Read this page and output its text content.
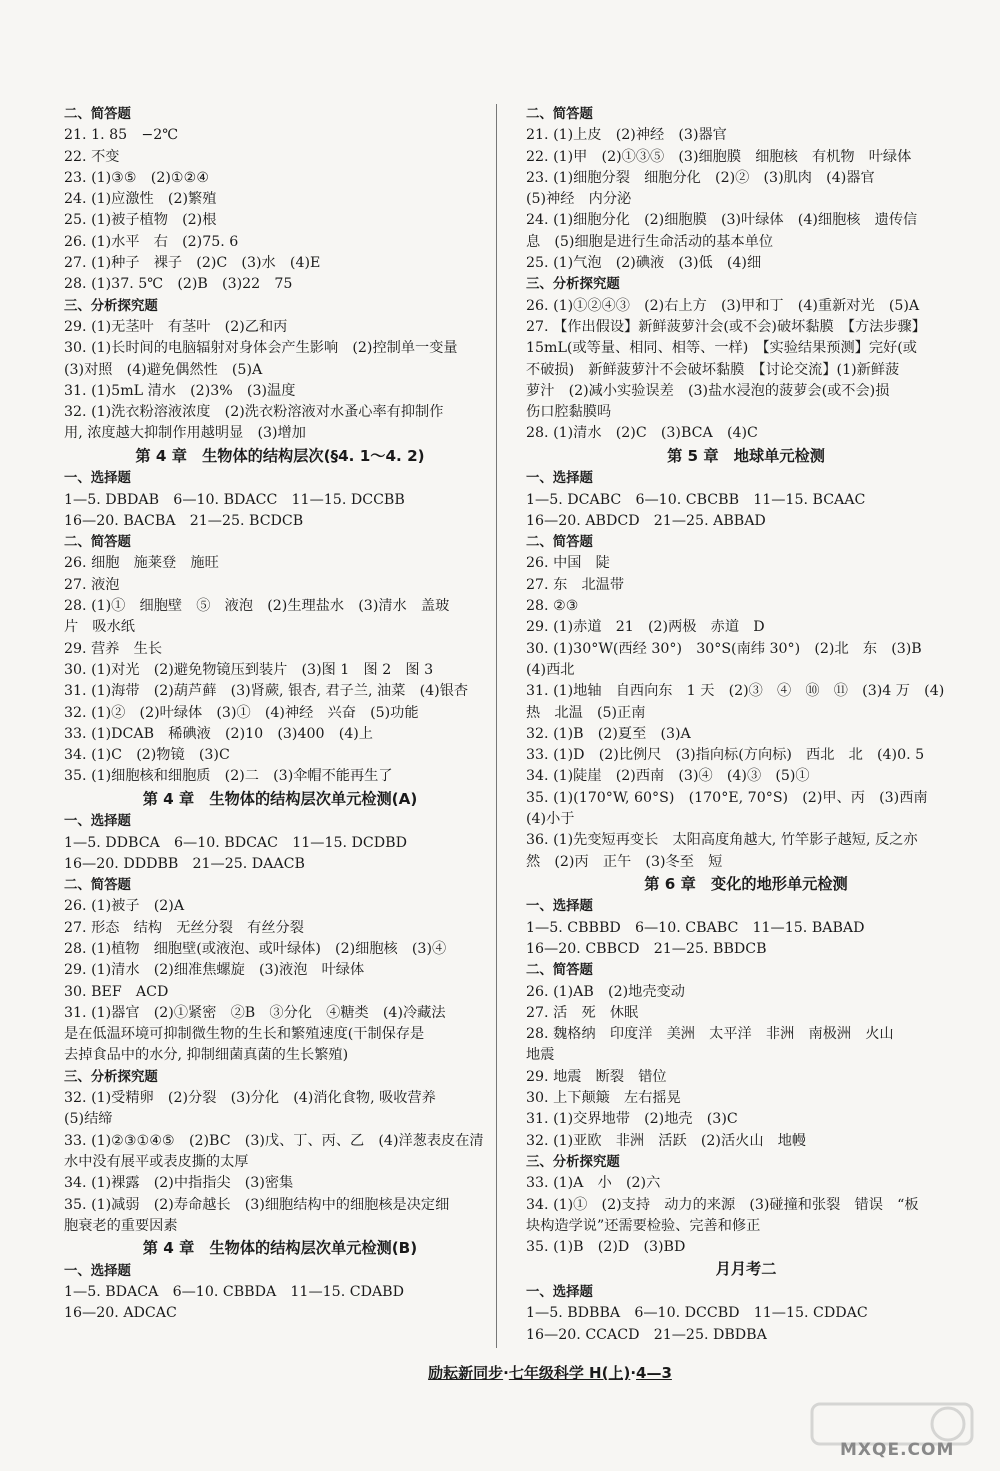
二、简答题
21. 1. 85　−2℃
22. 不变
23. (1)③⑤　(2)①②④
24. (1)应激性　(2)繁殖
25. (1)被子植物　(2)根
26. (1)水平　右　(2)75. 6
27. (1)种子　裸子　(2)C　(3)水　(4)E
28. (1)37. 5℃　(2)B　(3)22　75
三、分析探究题
29. (1)无茎叶　有茎叶　(2)乙和丙
30. (1)长时间的电脑辐射对身体会产生影响　(2)控制单一变量
(3)对照　(4)避免偶然性　(5)A
31. (1)5mL 清水　(2)3%　(3)温度
32. (1)洗衣粉溶液浓度　(2)洗衣粉溶液对水蚤心率有抑制作
用, 浓度越大抑制作用越明显　(3)增加
第 4 章　生物体的结构层次(§4. 1～4. 2)
一、选择题
1—5. DBDAB　6—10. BDACC　11—15. DCCBB
16—20. BACBA　21—25. BCDCB
二、简答题
26. 细胞　施莱登　施旺
27. 液泡
28. (1)①　细胞壁　⑤　液泡　(2)生理盐水　(3)清水　盖玻
片　吸水纸
29. 营养　生长
30. (1)对光　(2)避免物镜压到装片　(3)图 1　图 2　图 3
31. (1)海带　(2)葫芦藓　(3)肾蕨, 银杏, 君子兰, 油菜　(4)银杏
32. (1)②　(2)叶绿体　(3)①　(4)神经　兴奋　(5)功能
33. (1)DCAB　稀碘液　(2)10　(3)400　(4)上
34. (1)C　(2)物镜　(3)C
35. (1)细胞核和细胞质　(2)二　(3)伞帽不能再生了
第 4 章　生物体的结构层次单元检测(A)
一、选择题
1—5. DDBCA　6—10. BDCAC　11—15. DCDBD
16—20. DDDBB　21—25. DAACB
二、简答题
26. (1)被子　(2)A
27. 形态　结构　无丝分裂　有丝分裂
28. (1)植物　细胞壁(或液泡、或叶绿体)　(2)细胞核　(3)④
29. (1)清水　(2)细准焦螺旋　(3)液泡　叶绿体
30. BEF　ACD
31. (1)器官　(2)①紧密　②B　③分化　④糖类　(4)冷藏法
是在低温环境可抑制微生物的生长和繁殖速度(干制保存是
去掉食品中的水分, 抑制细菌真菌的生长繁殖)
三、分析探究题
32. (1)受精卵　(2)分裂　(3)分化　(4)消化食物, 吸收营养
(5)结缔
33. (1)②③①④⑤　(2)BC　(3)戊、丁、丙、乙　(4)洋葱表皮在清
水中没有展平或表皮撕的太厚
34. (1)裸露　(2)中指指尖　(3)密集
35. (1)减弱　(2)寿命越长　(3)细胞结构中的细胞核是决定细
胞衰老的重要因素
第 4 章　生物体的结构层次单元检测(B)
一、选择题
1—5. BDACA　6—10. CBBDA　11—15. CDABD
16—20. ADCAC
二、简答题
21. (1)上皮　(2)神经　(3)器官
22. (1)甲　(2)①③⑤　(3)细胞膜　细胞核　有机物　叶绿体
23. (1)细胞分裂　细胞分化　(2)②　(3)肌肉　(4)器官
(5)神经　内分泌
24. (1)细胞分化　(2)细胞膜　(3)叶绿体　(4)细胞核　遗传信
息　(5)细胞是进行生命活动的基本单位
25. (1)气泡　(2)碘液　(3)低　(4)细
三、分析探究题
26. (1)①②④③　(2)右上方　(3)甲和丁　(4)重新对光　(5)A
27. 【作出假设】新鲜菠萝汁会(或不会)破坏黏膜　【方法步骤】
15mL(或等量、相同、相等、一样)　【实验结果预测】完好(或
不破损)　新鲜菠萝汁不会破坏黏膜　【讨论交流】(1)新鲜菠
萝汁　(2)减小实验误差　(3)盐水浸泡的菠萝会(或不会)损
伤口腔黏膜吗
28. (1)清水　(2)C　(3)BCA　(4)C
第 5 章　地球单元检测
一、选择题
1—5. DCABC　6—10. CBCBB　11—15. BCAAC
16—20. ABDCD　21—25. ABBAD
二、简答题
26. 中国　陡
27. 东　北温带
28. ②③
29. (1)赤道　21　(2)两极　赤道　D
30. (1)30°W(西经 30°)　30°S(南纬 30°)　(2)北　东　(3)B
(4)西北
31. (1)地轴　自西向东　1 天　(2)③　④　⑩　⑪　(3)4 万　(4)
热　北温　(5)正南
32. (1)B　(2)夏至　(3)A
33. (1)D　(2)比例尺　(3)指向标(方向标)　西北　北　(4)0. 5
34. (1)陡崖　(2)西南　(3)④　(4)③　(5)①
35. (1)(170°W, 60°S)　(170°E, 70°S)　(2)甲、丙　(3)西南
(4)小于
36. (1)先变短再变长　太阳高度角越大, 竹竿影子越短, 反之亦
然　(2)丙　正午　(3)冬至　短
第 6 章　变化的地形单元检测
一、选择题
1—5. CBBBD　6—10. CBABC　11—15. BABAD
16—20. CBBCD　21—25. BBDCB
二、简答题
26. (1)AB　(2)地壳变动
27. 活　死　休眠
28. 魏格纳　印度洋　美洲　太平洋　非洲　南极洲　火山
地震
29. 地震　断裂　错位
30. 上下颠簸　左右摇晃
31. (1)交界地带　(2)地壳　(3)C
32. (1)亚欧　非洲　活跃　(2)活火山　地幔
三、分析探究题
33. (1)A　小　(2)六
34. (1)①　(2)支持　动力的来源　(3)碰撞和张裂　错误　“板
块构造学说”还需要检验、完善和修正
35. (1)B　(2)D　(3)BD
月月考二
一、选择题
1—5. BDBBA　6—10. DCCBD　11—15. CDDAC
16—20. CCACD　21—25. DBDBA
励耘新同步·七年级科学 H(上)·4—3
MXQE.COM
